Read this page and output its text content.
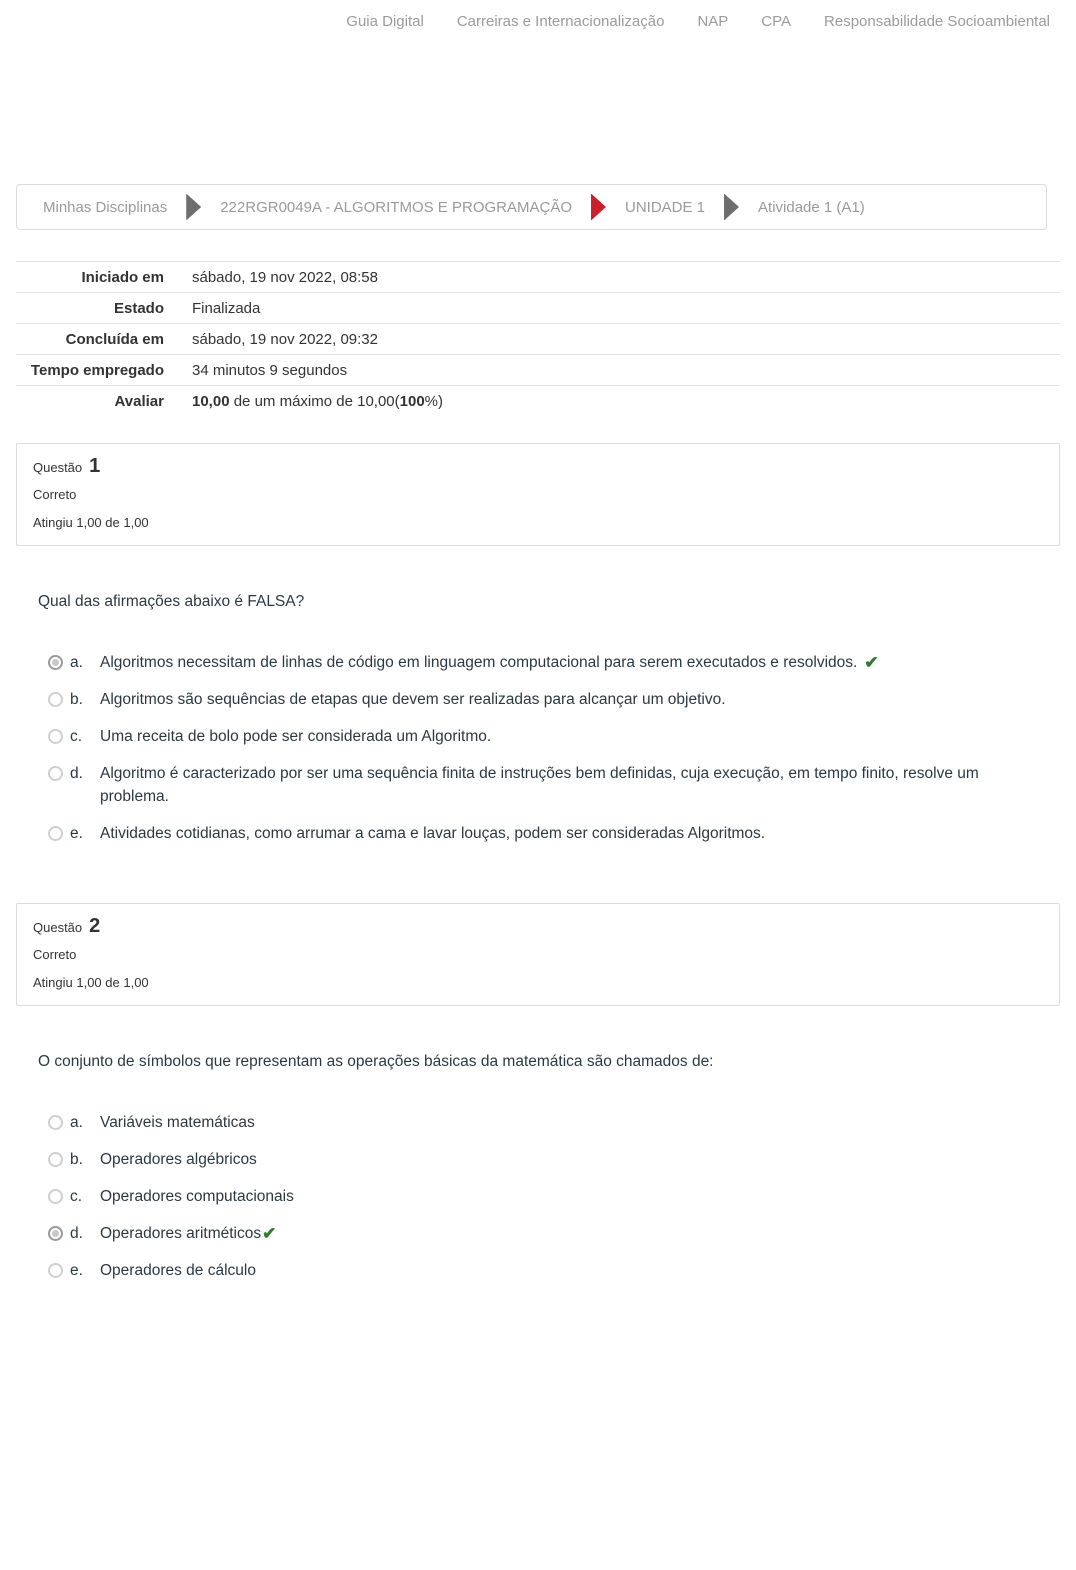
Guia Digital Carreiras e Internacionalização NAP CPA Responsabilidade Socioambiental
Minhas Disciplinas	222RGR0049A - ALGORITMOS E PROGRAMAÇÃO	UNIDADE 1	Atividade 1 (A1)
Iniciado em	sábado, 19 nov 2022, 08:58
Estado	Finalizada
Concluída em	sábado, 19 nov 2022, 09:32
Tempo empregado	34 minutos 9 segundos
Avaliar	10,00 de um máximo de 10,00(100%)
Questão 1
Correto
Atingiu 1,00 de 1,00
Qual das afirmações abaixo é FALSA?
a.	Algoritmos necessitam de linhas de código em linguagem computacional para serem executados e resolvidos. ✔
b.	Algoritmos são sequências de etapas que devem ser realizadas para alcançar um objetivo.
c.	Uma receita de bolo pode ser considerada um Algoritmo.
d.	Algoritmo é caracterizado por ser uma sequência finita de instruções bem definidas, cuja execução, em tempo finito, resolve um problema.
e.	Atividades cotidianas, como arrumar a cama e lavar louças, podem ser consideradas Algoritmos.
Questão 2
Correto
Atingiu 1,00 de 1,00
O conjunto de símbolos que representam as operações básicas da matemática são chamados de:
a.	Variáveis matemáticas
b.	Operadores algébricos
c.	Operadores computacionais
d.	Operadores aritméticos ✔
e.	Operadores de cálculo
